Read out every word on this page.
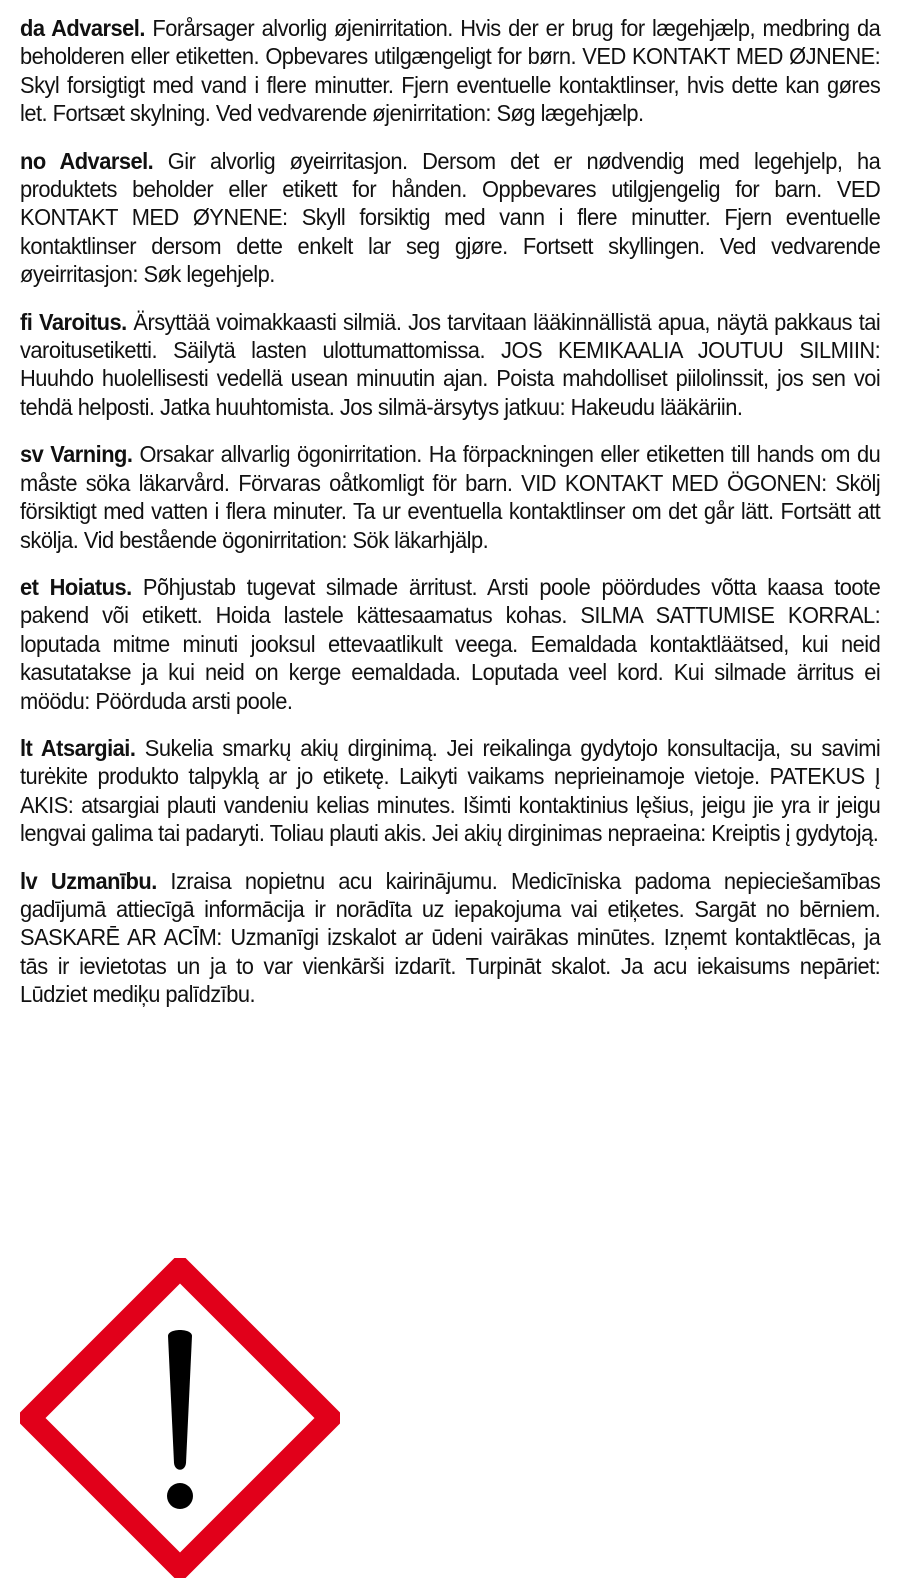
da Advarsel. Forårsager alvorlig øjenirritation. Hvis der er brug for lægehjælp, medbring da beholderen eller etiketten. Opbevares utilgængeligt for børn. VED KONTAKT MED ØJNENE: Skyl forsigtigt med vand i flere minutter. Fjern eventuelle kontaktlinser, hvis dette kan gøres let. Fortsæt skylning. Ved vedvarende øjenirritation: Søg lægehjælp.

no Advarsel. Gir alvorlig øyeirritasjon. Dersom det er nødvendig med legehjelp, ha produktets beholder eller etikett for hånden. Oppbevares utilgjengelig for barn. VED KONTAKT MED ØYNENE: Skyll forsiktig med vann i flere minutter. Fjern eventuelle kontaktlinser dersom dette enkelt lar seg gjøre. Fortsett skyllingen. Ved vedvarende øyeirritasjon: Søk legehjelp.

fi Varoitus. Ärsyttää voimakkaasti silmiä. Jos tarvitaan lääkinnällistä apua, näytä pakkaus tai varoitusetiketti. Säilytä lasten ulottumattomissa. JOS KEMIKAALIA JOUTUU SILMIIN: Huuhdo huolellisesti vedellä usean minuutin ajan. Poista mahdolliset piilolinssit, jos sen voi tehdä helposti. Jatka huuhtomista. Jos silmä-ärsytys jatkuu: Hakeudu lääkäriin.

sv Varning. Orsakar allvarlig ögonirritation. Ha förpackningen eller etiketten till hands om du måste söka läkarvård. Förvaras oåtkomligt för barn. VID KONTAKT MED ÖGONEN: Skölj försiktigt med vatten i flera minuter. Ta ur eventuella kontaktlinser om det går lätt. Fortsätt att skölja. Vid bestående ögonirritation: Sök läkarhjälp.

et Hoiatus. Põhjustab tugevat silmade ärritust. Arsti poole pöördudes võtta kaasa toote pakend või etikett. Hoida lastele kättesaamatus kohas. SILMA SATTUMISE KORRAL: loputada mitme minuti jooksul ettevaatlikult veega. Eemaldada kontaktläätsed, kui neid kasutatakse ja kui neid on kerge eemaldada. Loputada veel kord. Kui silmade ärritus ei möödu: Pöörduda arsti poole.

lt Atsargiai. Sukelia smarkų akių dirginimą. Jei reikalinga gydytojo konsultacija, su savimi turėkite produkto talpyklą ar jo etiketę. Laikyti vaikams neprieinamoje vietoje. PATEKUS Į AKIS: atsargiai plauti vandeniu kelias minutes. Išimti kontaktinius lęšius, jeigu jie yra ir jeigu lengvai galima tai padaryti. Toliau plauti akis. Jei akių dirginimas nepraeina: Kreiptis į gydytoją.

lv Uzmanību. Izraisa nopietnu acu kairinājumu. Medicīniska padoma nepieciešamības gadījumā attiecīgā informācija ir norādīta uz iepakojuma vai etiķetes. Sargāt no bērniem. SASKARĒ AR ACĪM: Uzmanīgi izskalot ar ūdeni vairākas minūtes. Izņemt kontaktlēcas, ja tās ir ievietotas un ja to var vienkārši izdarīt. Turpināt skalot. Ja acu iekaisums nepāriet: Lūdziet mediķu palīdzību.
